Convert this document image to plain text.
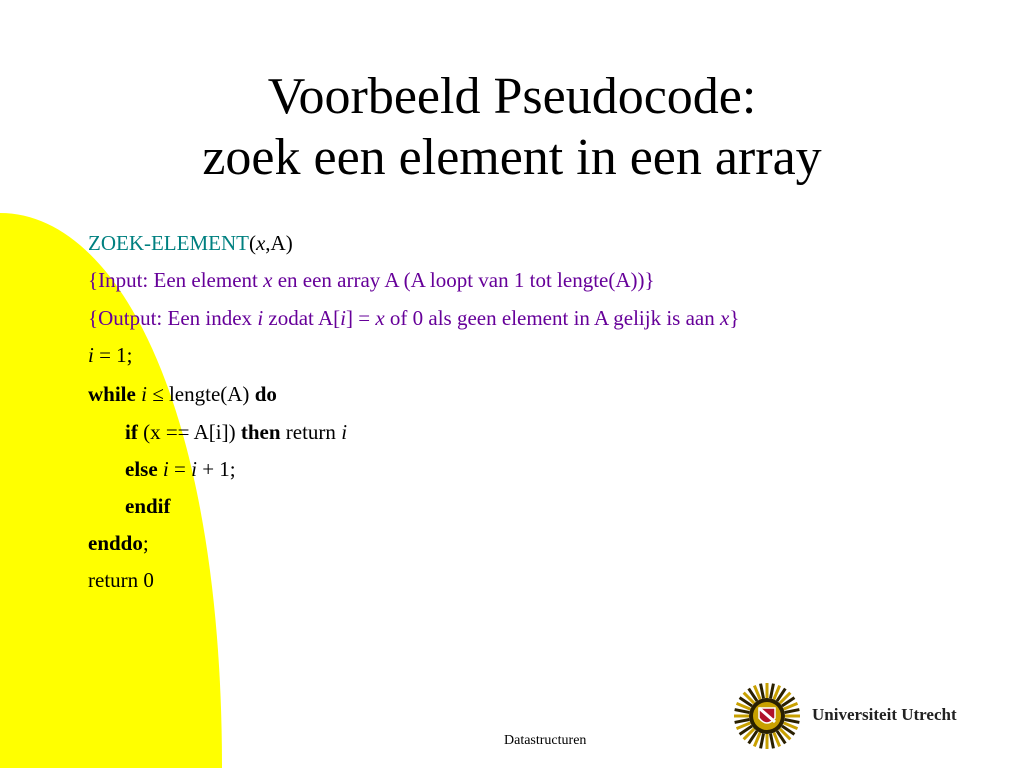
Voorbeeld Pseudocode:
zoek een element in een array
ZOEK-ELEMENT(x,A)
{Input: Een element x en een array A (A loopt van 1 tot lengte(A))}
{Output: Een index i zodat A[i] = x of 0 als geen element in A gelijk is aan x}
i = 1;
while i ≤ lengte(A) do
if (x == A[i]) then return i
else i = i + 1;
endif
enddo;
return 0
Datastructuren
Universiteit Utrecht
